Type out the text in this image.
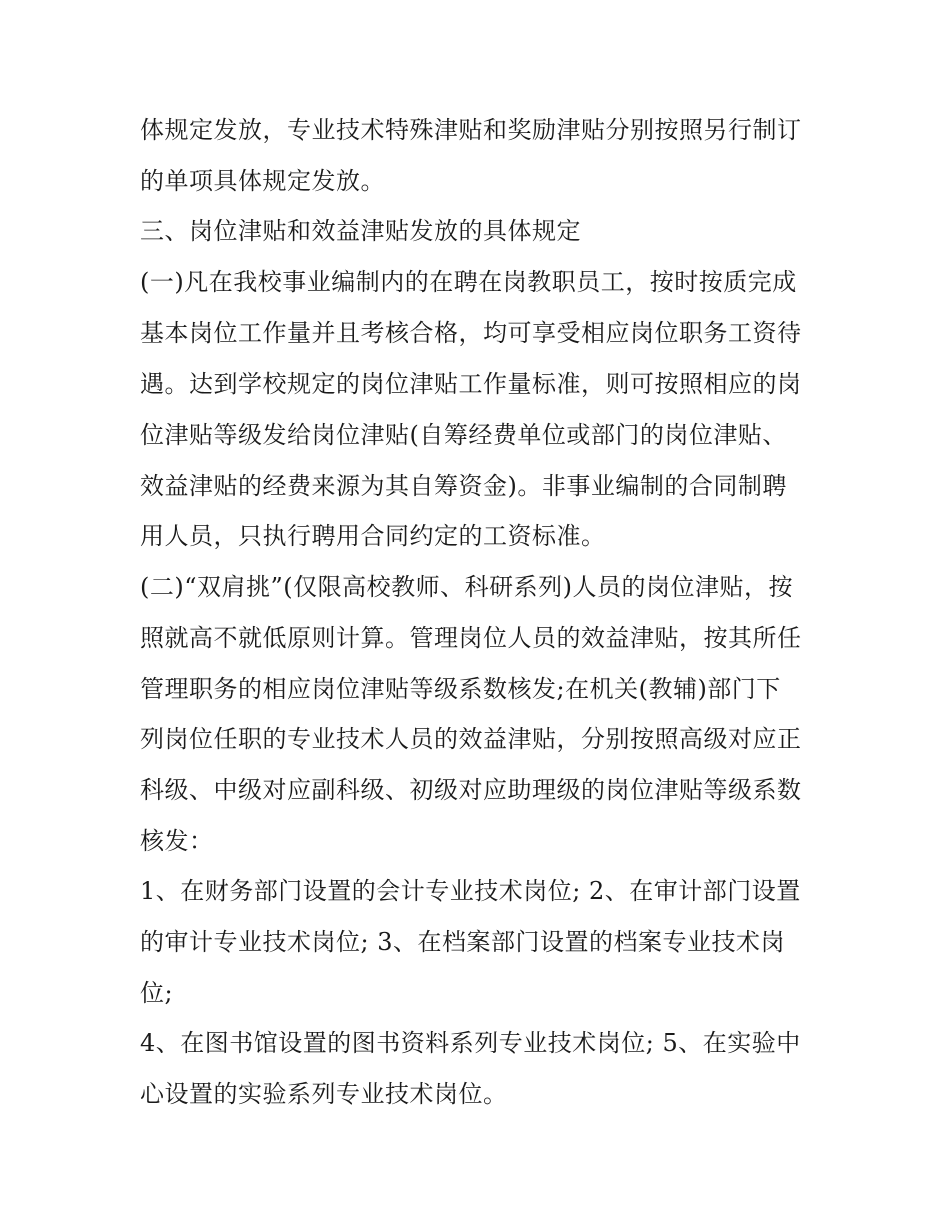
体规定发放，专业技术特殊津贴和奖励津贴分别按照另行制订
的单项具体规定发放。
三、岗位津贴和效益津贴发放的具体规定
(一)凡在我校事业编制内的在聘在岗教职员工，按时按质完成
基本岗位工作量并且考核合格，均可享受相应岗位职务工资待
遇。达到学校规定的岗位津贴工作量标准，则可按照相应的岗
位津贴等级发给岗位津贴(自筹经费单位或部门的岗位津贴、
效益津贴的经费来源为其自筹资金)。非事业编制的合同制聘
用人员，只执行聘用合同约定的工资标准。
(二)“双肩挑”(仅限高校教师、科研系列)人员的岗位津贴，按
照就高不就低原则计算。管理岗位人员的效益津贴，按其所任
管理职务的相应岗位津贴等级系数核发;在机关(教辅)部门下
列岗位任职的专业技术人员的效益津贴，分别按照高级对应正
科级、中级对应副科级、初级对应助理级的岗位津贴等级系数
核发：
1、在财务部门设置的会计专业技术岗位; 2、在审计部门设置
的审计专业技术岗位; 3、在档案部门设置的档案专业技术岗
位;
4、在图书馆设置的图书资料系列专业技术岗位; 5、在实验中
心设置的实验系列专业技术岗位。
